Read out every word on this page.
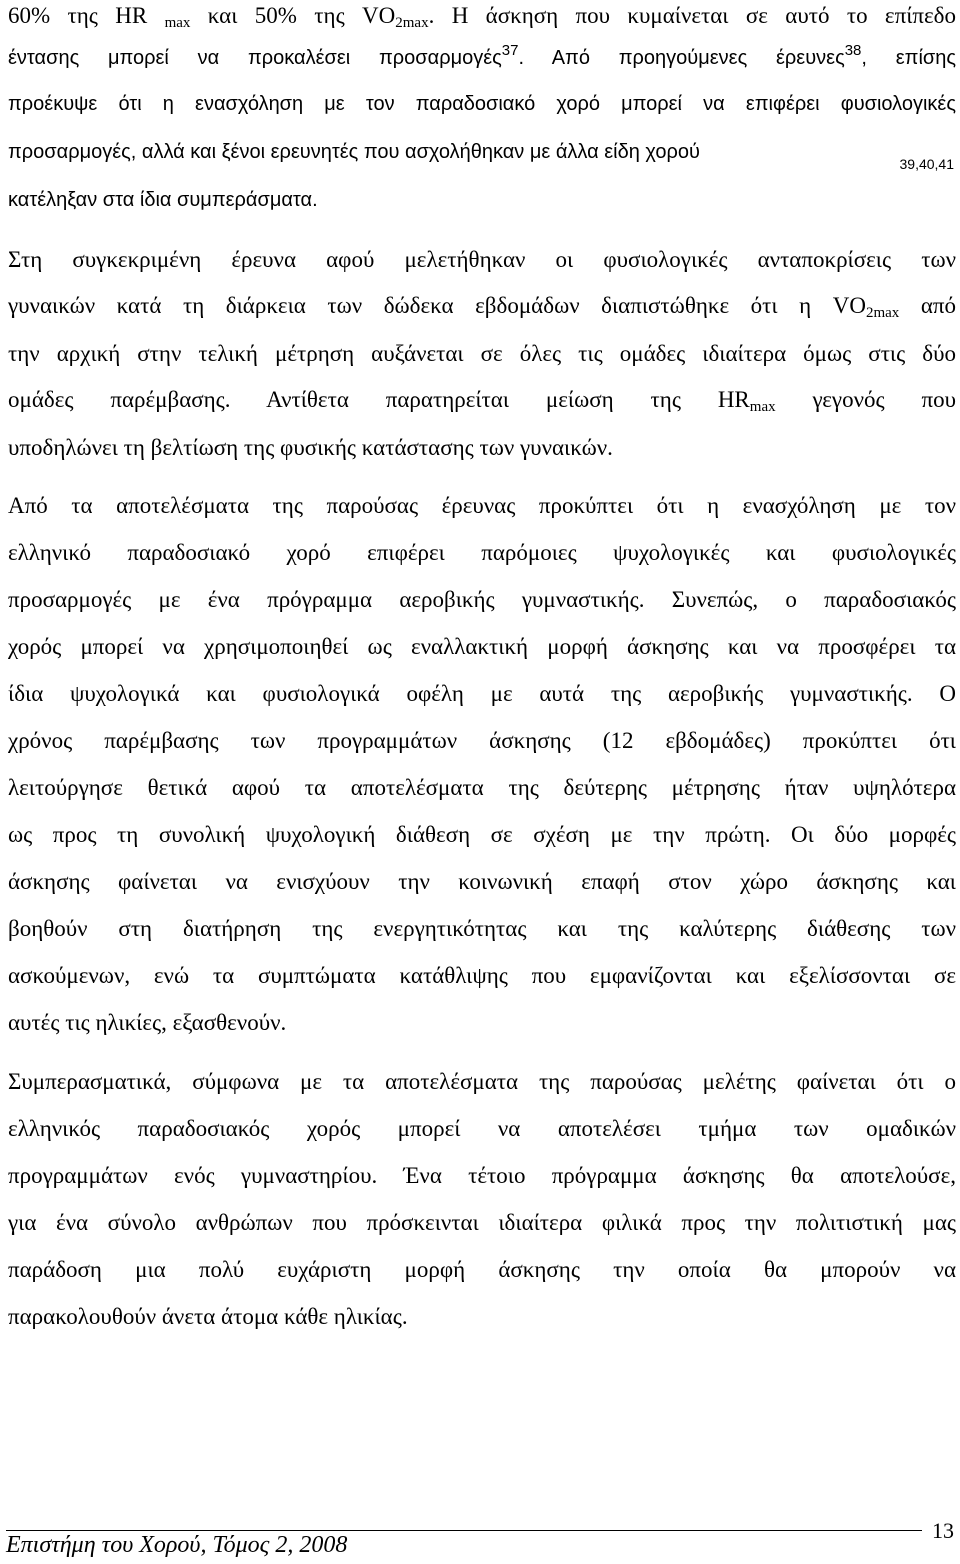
60% της HR $_{max}$ και 50% της $VO_{2max}$. Η άσκηση που κυμαίνεται σε αυτό το επίπεδο
έντασης μπορεί να προκαλέσει προσαρμογές$^{37}$. Από προηγούμενες έρευνες$^{38}$, επίσης
προέκυψε ότι η ενασχόληση με τον παραδοσιακό χορό μπορεί να επιφέρει φυσιολογικές
προσαρμογές, αλλά και ξένοι ερευνητές που ασχολήθηκαν με άλλα είδη χορού
39,40,41
κατέληξαν στα ίδια συμπεράσματα.
Στη συγκεκριμένη έρευνα αφού μελετήθηκαν οι φυσιολογικές ανταποκρίσεις των
γυναικών κατά τη διάρκεια των δώδεκα εβδομάδων διαπιστώθηκε ότι η $VO_{2max}$ από
την αρχική στην τελική μέτρηση αυξάνεται σε όλες τις ομάδες ιδιαίτερα όμως στις δύο
ομάδες παρέμβασης. Αντίθετα παρατηρείται μείωση της $HR_{max}$ γεγονός που
υποδηλώνει τη βελτίωση της φυσικής κατάστασης των γυναικών.
Από τα αποτελέσματα της παρούσας έρευνας προκύπτει ότι η ενασχόληση με τον
ελληνικό παραδοσιακό χορό επιφέρει παρόμοιες ψυχολογικές και φυσιολογικές
προσαρμογές με ένα πρόγραμμα αεροβικής γυμναστικής. Συνεπώς, ο παραδοσιακός
χορός μπορεί να χρησιμοποιηθεί ως εναλλακτική μορφή άσκησης και να προσφέρει τα
ίδια ψυχολογικά και φυσιολογικά οφέλη με αυτά της αεροβικής γυμναστικής. Ο
χρόνος παρέμβασης των προγραμμάτων άσκησης (12 εβδομάδες) προκύπτει ότι
λειτούργησε θετικά αφού τα αποτελέσματα της δεύτερης μέτρησης ήταν υψηλότερα
ως προς τη συνολική ψυχολογική διάθεση σε σχέση με την πρώτη. Οι δύο μορφές
άσκησης φαίνεται να ενισχύουν την κοινωνική επαφή στον χώρο άσκησης και
βοηθούν στη διατήρηση της ενεργητικότητας και της καλύτερης διάθεσης των
ασκούμενων, ενώ τα συμπτώματα κατάθλιψης που εμφανίζονται και εξελίσσονται σε
αυτές τις ηλικίες, εξασθενούν.
Συμπερασματικά, σύμφωνα με τα αποτελέσματα της παρούσας μελέτης φαίνεται ότι ο
ελληνικός παραδοσιακός χορός μπορεί να αποτελέσει τμήμα των ομαδικών
προγραμμάτων ενός γυμναστηρίου. Ένα τέτοιο πρόγραμμα άσκησης θα αποτελούσε,
για ένα σύνολο ανθρώπων που πρόσκεινται ιδιαίτερα φιλικά προς την πολιτιστική μας
παράδοση μια πολύ ευχάριστη μορφή άσκησης την οποία θα μπορούν να
παρακολουθούν άνετα άτομα κάθε ηλικίας.
13
Επιστήμη του Χορού, Τόμος 2, 2008
